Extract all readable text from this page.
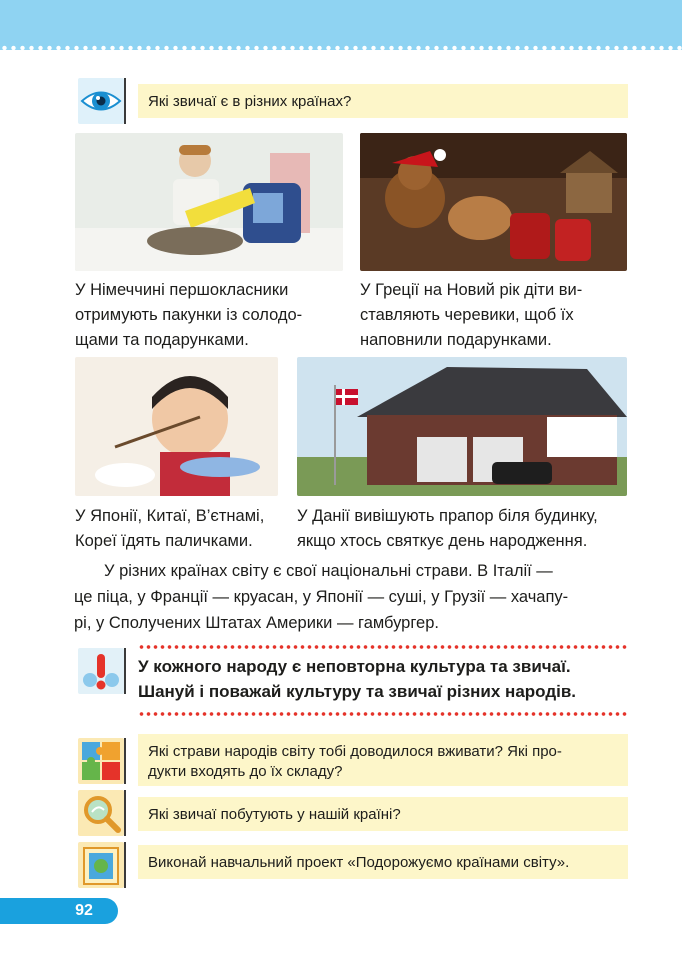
Які звичаї є в різних країнах?
У Німеччині першокласники
отримують пакунки із солодо-
щами та подарунками.
У Греції на Новий рік діти ви-
ставляють черевики, щоб їх
наповнили подарунками.
У Японії, Китаї, В’єтнамі,
Кореї їдять паличками.
У Данії вивішують прапор біля будинку,
якщо хтось святкує день народження.
У різних країнах світу є свої національні страви. В Італії —
це піца, у Франції — круасан, у Японії — суші, у Грузії — хачапу-
рі, у Сполучених Штатах Америки — гамбургер.
У кожного народу є неповторна культура та звичаї.
Шануй і поважай культуру та звичаї різних народів.
Які страви народів світу тобі доводилося вживати? Які про-
дукти входять до їх складу?
Які звичаї побутують у нашій країні?
Виконай навчальний проект «Подорожуємо країнами світу».
92
